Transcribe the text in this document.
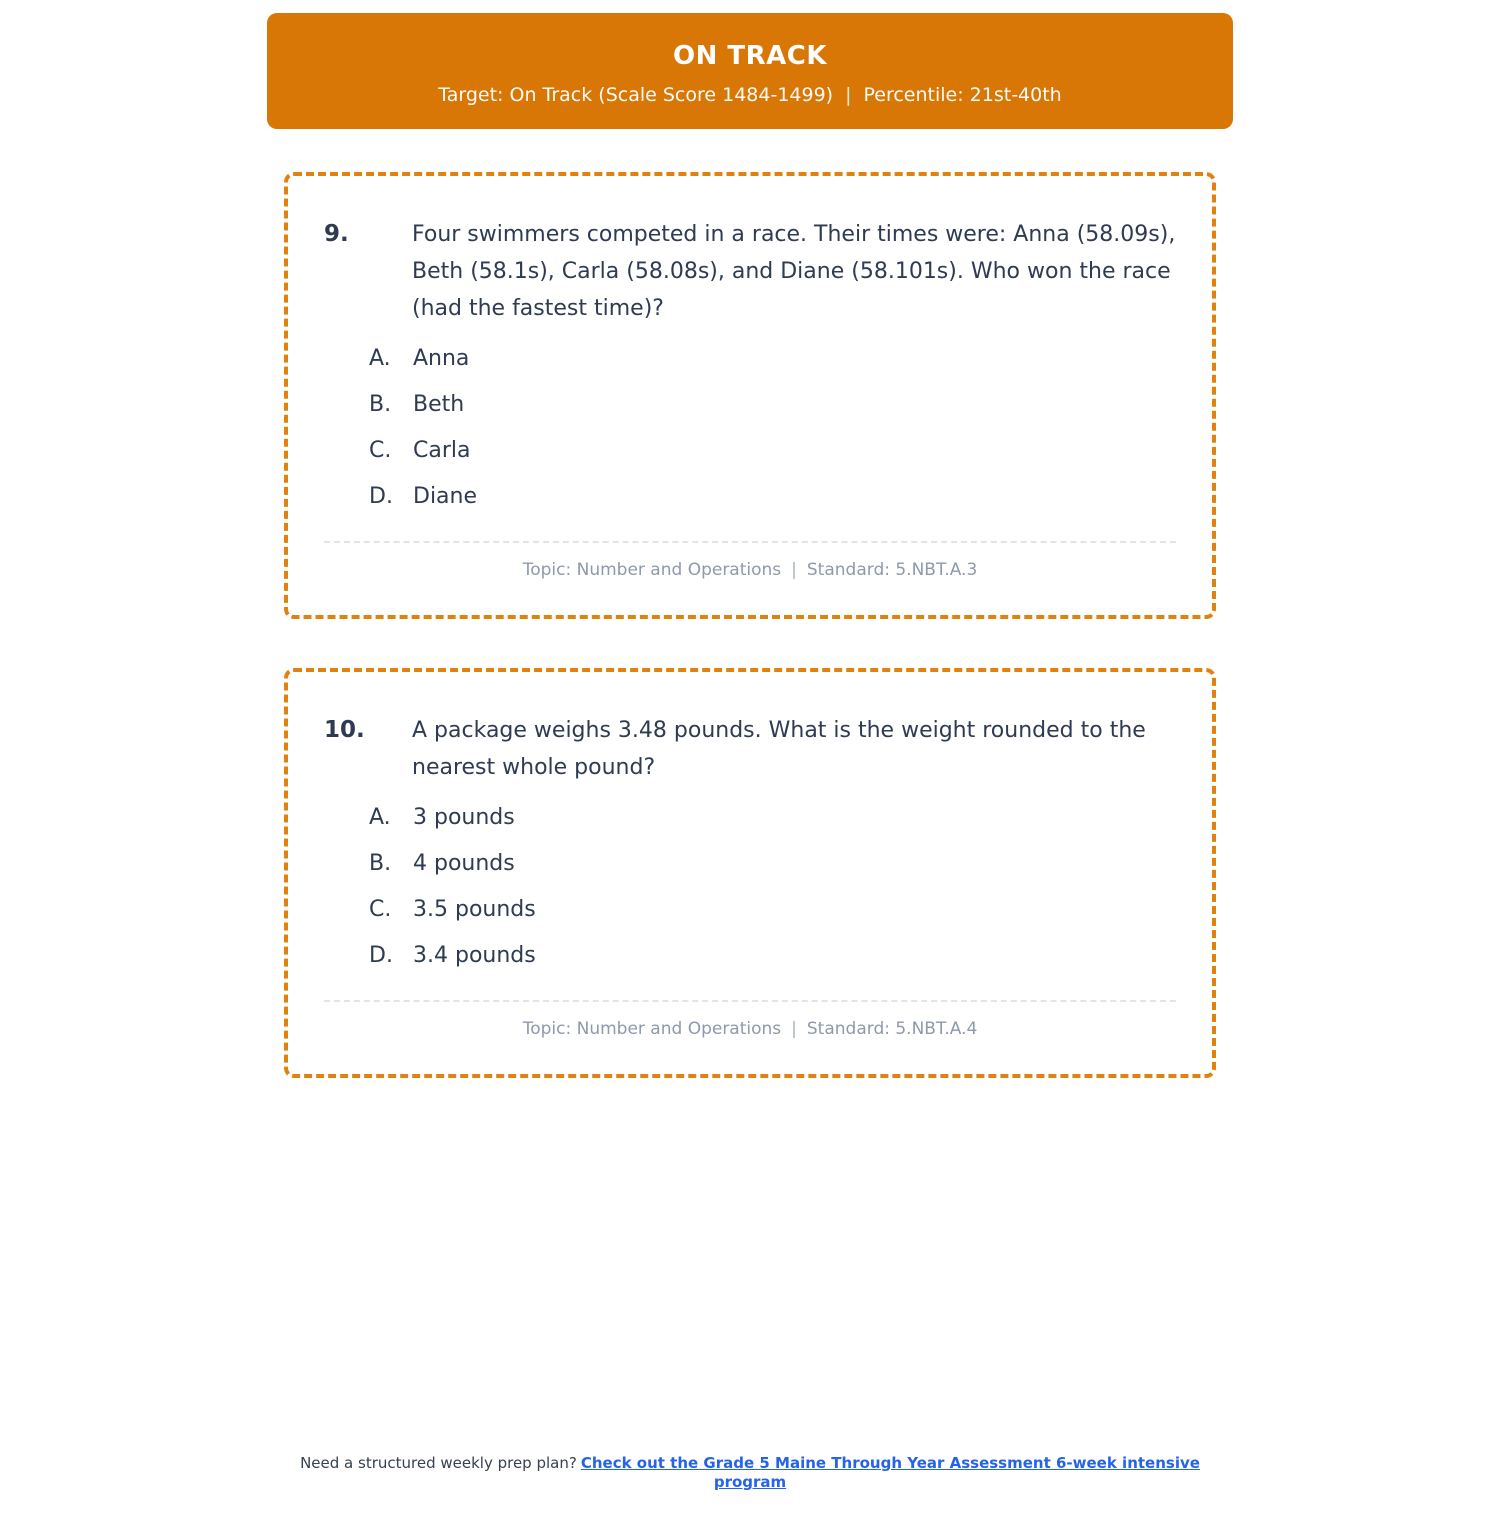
ON TRACK
Target: On Track (Scale Score 1484-1499) | Percentile: 21st-40th
9.	Four swimmers competed in a race. Their times were: Anna (58.09s), Beth (58.1s), Carla (58.08s), and Diane (58.101s). Who won the race (had the fastest time)?
A.	Anna
B. Beth
C. Carla
D. Diane
Topic: Number and Operations | Standard: 5.NBT.A.3
10.	A package weighs 3.48 pounds. What is the weight rounded to the nearest whole pound?
A.	3 pounds
B. 4 pounds
C. 3.5 pounds
D. 3.4 pounds
Topic: Number and Operations | Standard: 5.NBT.A.4
Need a structured weekly prep plan? Check out the Grade 5 Maine Through Year Assessment 6-week intensive program
